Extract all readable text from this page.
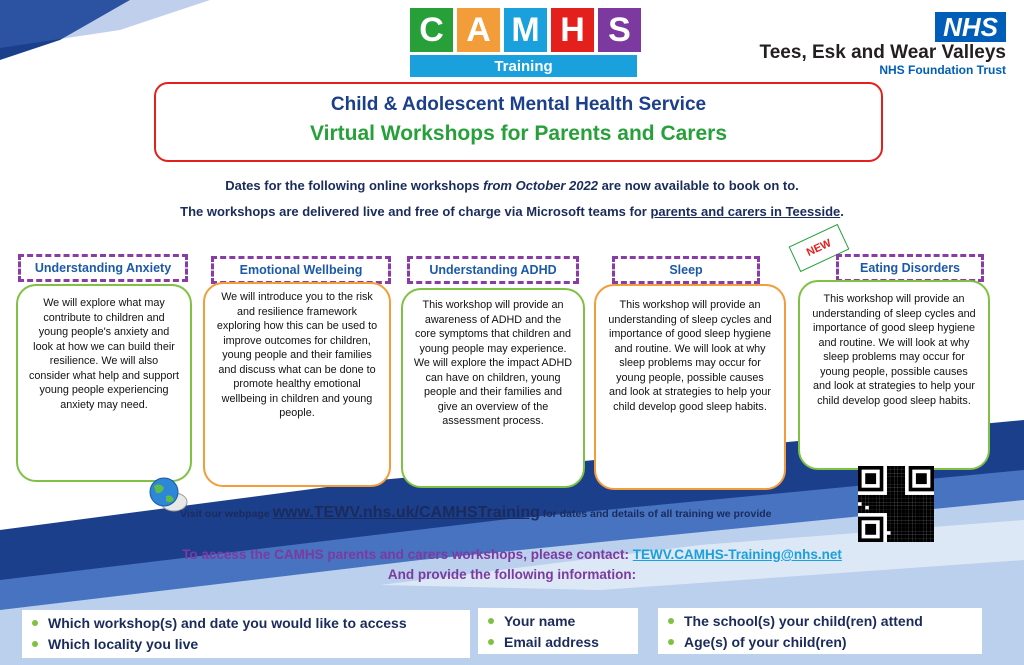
C A M H S
Training
NHS
Tees, Esk and Wear Valleys
NHS Foundation Trust
Child & Adolescent Mental Health Service
Virtual Workshops for Parents and Carers
Dates for the following online workshops from October 2022 are now available to book on to.
The workshops are delivered live and free of charge via Microsoft teams for parents and carers in Teesside.
Understanding Anxiety
We will explore what may contribute to children and young people's anxiety and look at how we can build their resilience. We will also consider what help and support young people experiencing anxiety may need.
Emotional Wellbeing
We will introduce you to the risk and resilience framework exploring how this can be used to improve outcomes for children, young people and their families and discuss what can be done to promote healthy emotional wellbeing in children and young people.
Understanding ADHD
This workshop will provide an awareness of ADHD and the core symptoms that children and young people may experience. We will explore the impact ADHD can have on children, young people and their families and give an overview of the assessment process.
Sleep
This workshop will provide an understanding of sleep cycles and importance of good sleep hygiene and routine. We will look at why sleep problems may occur for young people, possible causes and look at strategies to help your child develop good sleep habits.
NEW
Eating Disorders
This workshop will provide an understanding of sleep cycles and importance of good sleep hygiene and routine. We will look at why sleep problems may occur for young people, possible causes and look at strategies to help your child develop good sleep habits.
Visit our webpage www.TEWV.nhs.uk/CAMHSTraining for dates and details of all training we provide
To access the CAMHS parents and carers workshops, please contact: TEWV.CAMHS-Training@nhs.net
And provide the following information:
Which workshop(s) and date you would like to access
Which locality you live
Your name
Email address
The school(s) your child(ren) attend
Age(s) of your child(ren)
